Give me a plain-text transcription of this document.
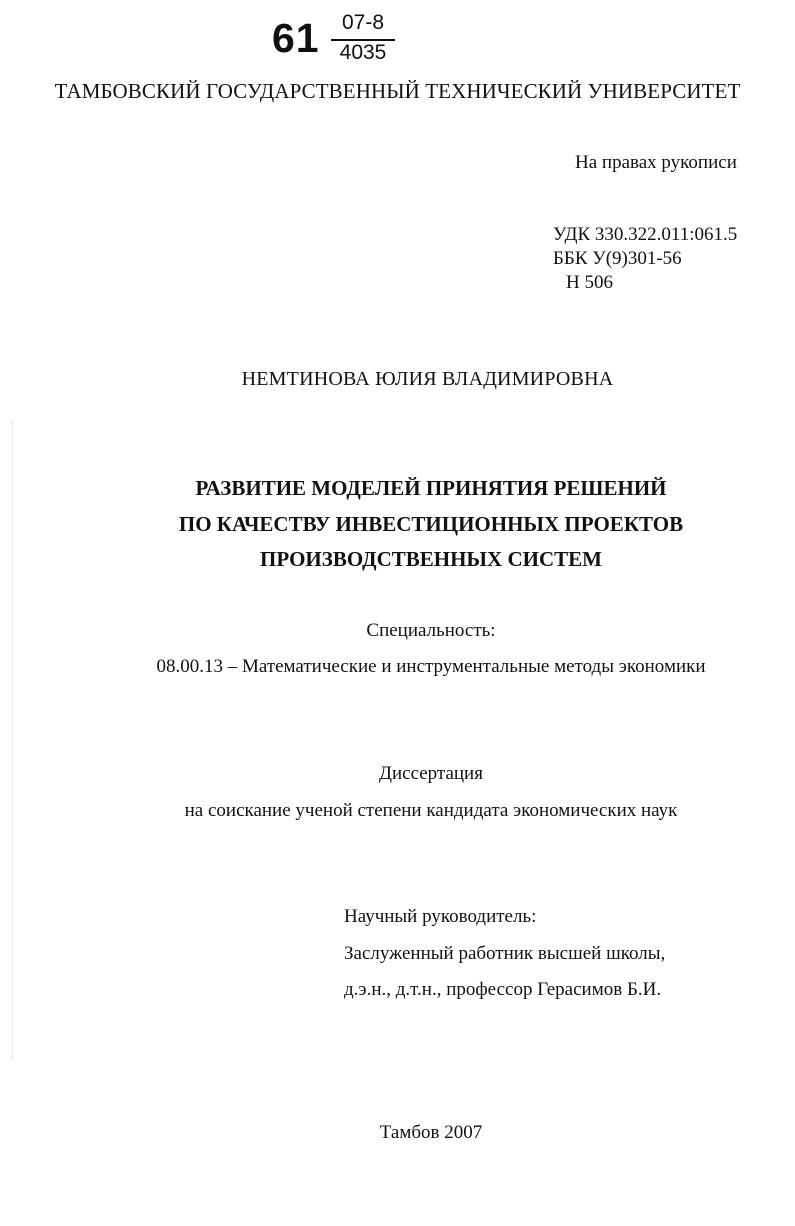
61	07-8
4035
ТАМБОВСКИЙ ГОСУДАРСТВЕННЫЙ ТЕХНИЧЕСКИЙ УНИВЕРСИТЕТ
На правах рукописи
УДК 330.322.011:061.5
ББК У(9)301-56
Н 506
НЕМТИНОВА ЮЛИЯ ВЛАДИМИРОВНА
РАЗВИТИЕ МОДЕЛЕЙ ПРИНЯТИЯ РЕШЕНИЙ
ПО КАЧЕСТВУ ИНВЕСТИЦИОННЫХ ПРОЕКТОВ
ПРОИЗВОДСТВЕННЫХ СИСТЕМ
Специальность:
08.00.13 – Математические и инструментальные методы экономики
Диссертация
на соискание ученой степени кандидата экономических наук
Научный руководитель:
Заслуженный работник высшей школы,
д.э.н., д.т.н., профессор Герасимов Б.И.
Тамбов 2007
